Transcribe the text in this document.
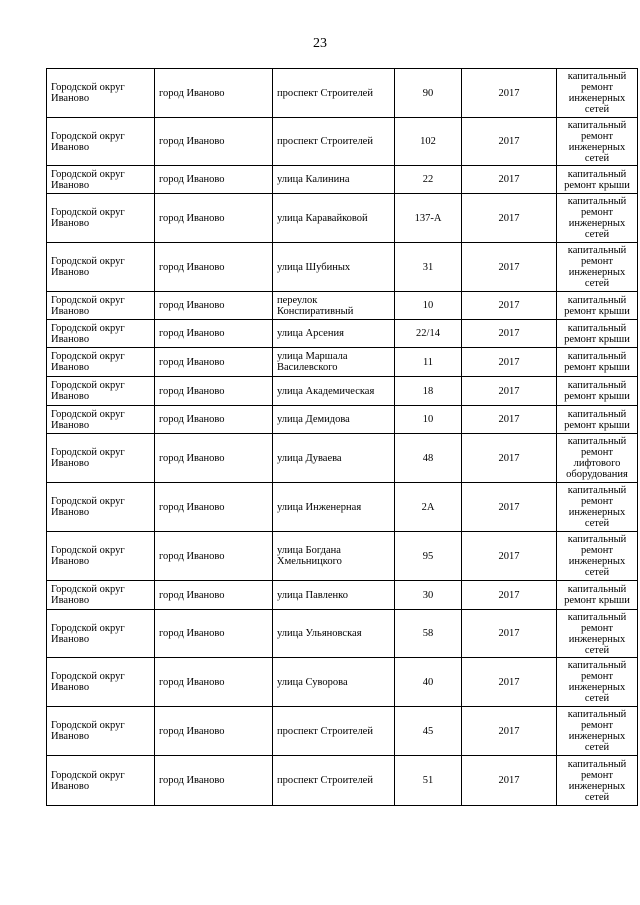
23
Городской округ Иваново	город Иваново	проспект Строителей	90	2017	капитальный ремонт инженерных сетей
Городской округ Иваново	город Иваново	проспект Строителей	102	2017	капитальный ремонт инженерных сетей
Городской округ Иваново	город Иваново	улица Калинина	22	2017	капитальный ремонт крыши
Городской округ Иваново	город Иваново	улица Каравайковой	137-А	2017	капитальный ремонт инженерных сетей
Городской округ Иваново	город Иваново	улица Шубиных	31	2017	капитальный ремонт инженерных сетей
Городской округ Иваново	город Иваново	переулок Конспиративный	10	2017	капитальный ремонт крыши
Городской округ Иваново	город Иваново	улица Арсения	22/14	2017	капитальный ремонт крыши
Городской округ Иваново	город Иваново	улица Маршала Василевского	11	2017	капитальный ремонт крыши
Городской округ Иваново	город Иваново	улица Академическая	18	2017	капитальный ремонт крыши
Городской округ Иваново	город Иваново	улица Демидова	10	2017	капитальный ремонт крыши
Городской округ Иваново	город Иваново	улица Дуваева	48	2017	капитальный ремонт лифтового оборудования
Городской округ Иваново	город Иваново	улица Инженерная	2А	2017	капитальный ремонт инженерных сетей
Городской округ Иваново	город Иваново	улица Богдана Хмельницкого	95	2017	капитальный ремонт инженерных сетей
Городской округ Иваново	город Иваново	улица Павленко	30	2017	капитальный ремонт крыши
Городской округ Иваново	город Иваново	улица Ульяновская	58	2017	капитальный ремонт инженерных сетей
Городской округ Иваново	город Иваново	улица Суворова	40	2017	капитальный ремонт инженерных сетей
Городской округ Иваново	город Иваново	проспект Строителей	45	2017	капитальный ремонт инженерных сетей
Городской округ Иваново	город Иваново	проспект Строителей	51	2017	капитальный ремонт инженерных сетей
